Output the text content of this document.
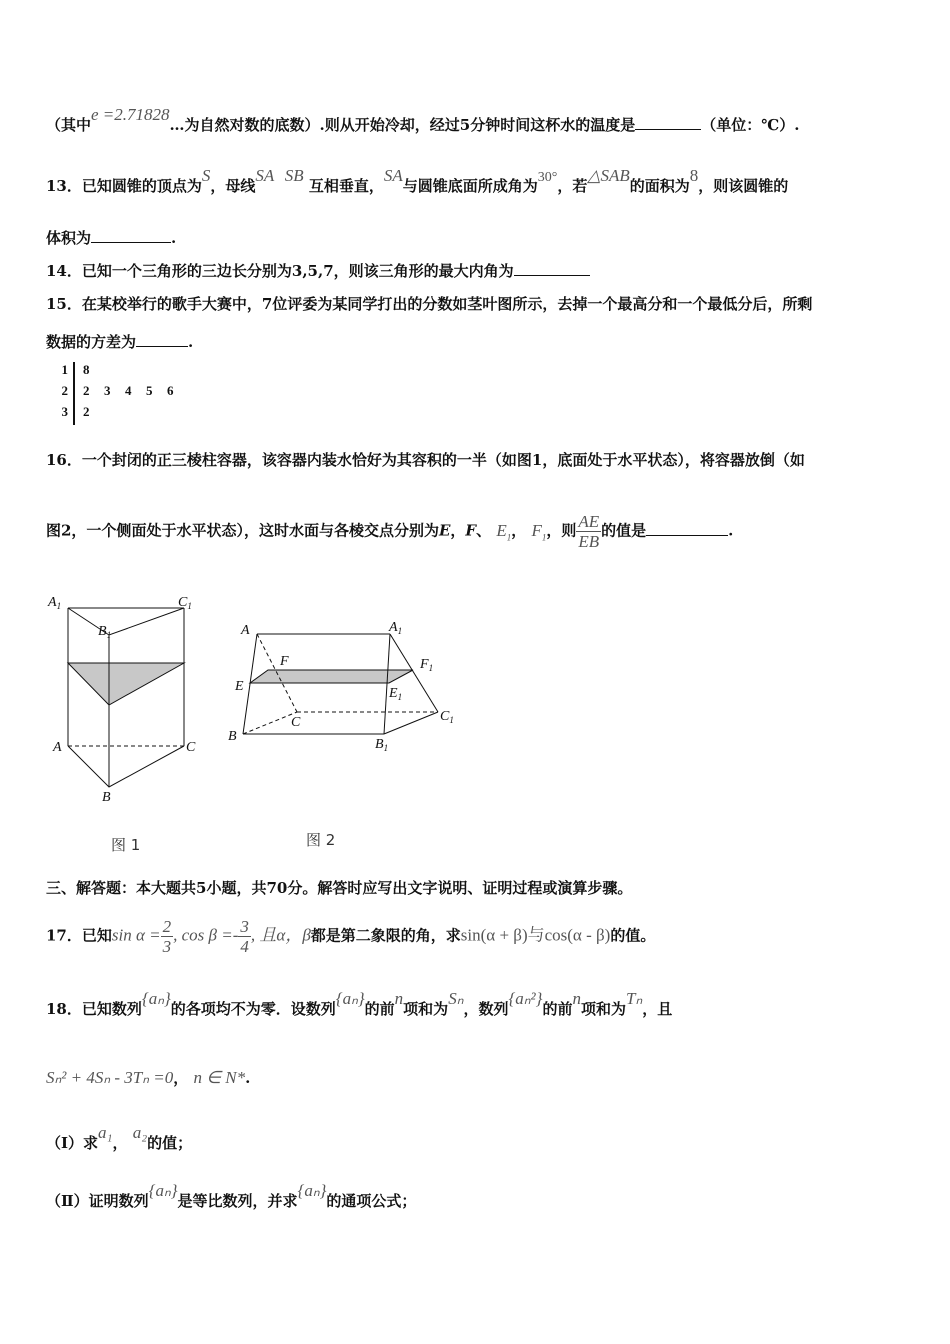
（其中e =2.71828…为自然对数的底数）.则从开始冷却，经过5分钟时间这杯水的温度是	（单位：℃）.
13．已知圆锥的顶点为S，母线SA SB 互相垂直，SA与圆锥底面所成角为30°，若△SAB的面积为8，则该圆锥的
体积为	.
14．已知一个三角形的三边长分别为3,5,7，则该三角形的最大内角为
15．在某校举行的歌手大赛中，7位评委为某同学打出的分数如茎叶图所示，去掉一个最高分和一个最低分后，所剩
数据的方差为	.
1 8
2 2 3 4 5 6
3 2
16．一个封闭的正三棱柱容器，该容器内装水恰好为其容积的一半（如图1，底面处于水平状态），将容器放倒（如
图2，一个侧面处于水平状态），这时水面与各棱交点分别为E，F、 $E_1$， $F_1$，则 $\frac{AE}{EB}$ 的值是	.
$A_1$	$C_1$
$B_1$
A	C
B
图 1
A	$A_1$
F	$F_1$
E	$E_1$
C	$C_1$
B
$B_1$
图 2
三、解答题：本大题共5小题，共70分。解答时应写出文字说明、证明过程或演算步骤。
17．已知$\sin \alpha = \frac{2}{3}$ , $\cos \beta =- \frac{3}{4}$ , 且α，β都是第二象限的角，求sin(α + β)与cos(α - β)的值。
18．已知数列{aₙ}的各项均不为零．设数列{aₙ}的前n项和为Sₙ，数列{aₙ²}的前n项和为Tₙ，且
Sₙ² + 4Sₙ - 3Tₙ =0， n ∈ N*.
（Ⅰ）求a₁， a₂的值；
（Ⅱ）证明数列{aₙ}是等比数列，并求{aₙ}的通项公式；
